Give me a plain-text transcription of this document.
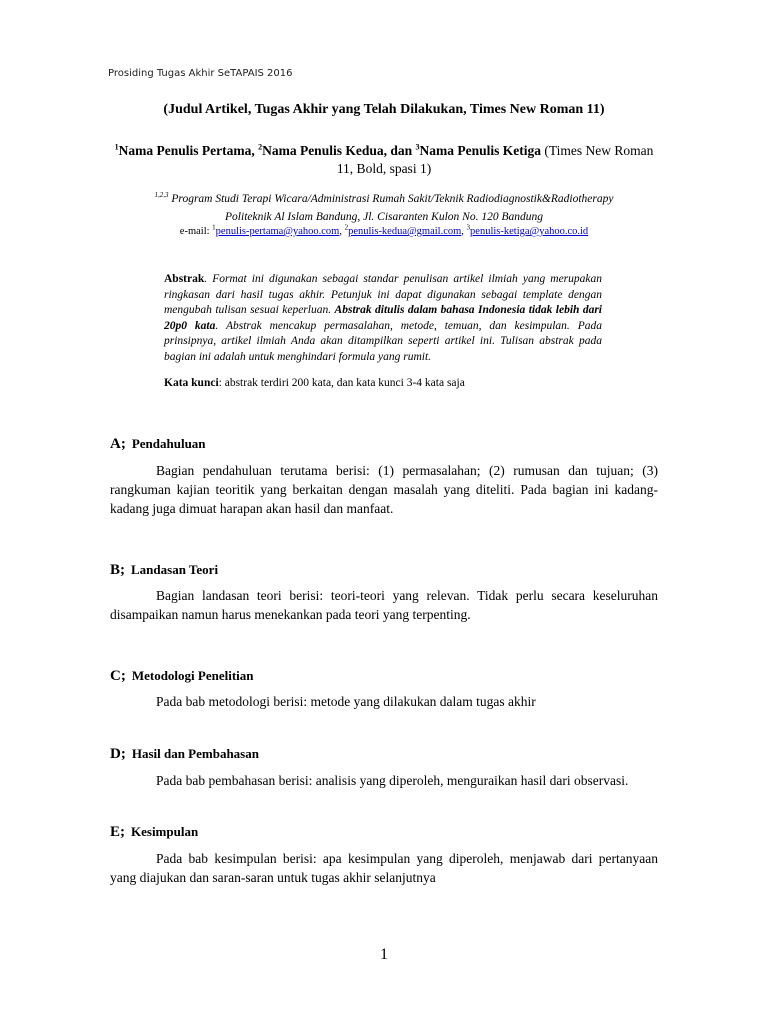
Prosiding Tugas Akhir SeTAPAIS 2016
(Judul Artikel, Tugas Akhir yang Telah Dilakukan, Times New Roman 11)
$^1$Nama Penulis Pertama, $^2$Nama Penulis Kedua, dan $^3$Nama Penulis Ketiga (Times New Roman 11, Bold, spasi 1)
$^{1,2,3}$ Program Studi Terapi Wicara/Administrasi Rumah Sakit/Teknik Radiodiagnostik&Radiotherapy
Politeknik Al Islam Bandung, Jl. Cisaranten Kulon No. 120 Bandung
e-mail: $^1$penulis-pertama@yahoo.com, $^2$penulis-kedua@gmail.com, $^3$penulis-ketiga@yahoo.co.id
Abstrak. Format ini digunakan sebagai standar penulisan artikel ilmiah yang merupakan ringkasan dari hasil tugas akhir. Petunjuk ini dapat digunakan sebagai template dengan mengubah tulisan sesuai keperluan. Abstrak ditulis dalam bahasa Indonesia tidak lebih dari 20p0 kata. Abstrak mencakup permasalahan, metode, temuan, dan kesimpulan. Pada prinsipnya, artikel ilmiah Anda akan ditampilkan seperti artikel ini. Tulisan abstrak pada bagian ini adalah untuk menghindari formula yang rumit.
Kata kunci: abstrak terdiri 200 kata, dan kata kunci 3-4 kata saja
A; Pendahuluan
Bagian pendahuluan terutama berisi: (1) permasalahan; (2) rumusan dan tujuan; (3) rangkuman kajian teoritik yang berkaitan dengan masalah yang diteliti. Pada bagian ini kadang-kadang juga dimuat harapan akan hasil dan manfaat.
B; Landasan Teori
Bagian landasan teori berisi: teori-teori yang relevan. Tidak perlu secara keseluruhan disampaikan namun harus menekankan pada teori yang terpenting.
C; Metodologi Penelitian
Pada bab metodologi berisi: metode yang dilakukan dalam tugas akhir
D; Hasil dan Pembahasan
Pada bab pembahasan berisi: analisis yang diperoleh, menguraikan hasil dari observasi.
E; Kesimpulan
Pada bab kesimpulan berisi: apa kesimpulan yang diperoleh, menjawab dari pertanyaan yang diajukan dan saran-saran untuk tugas akhir selanjutnya
1
